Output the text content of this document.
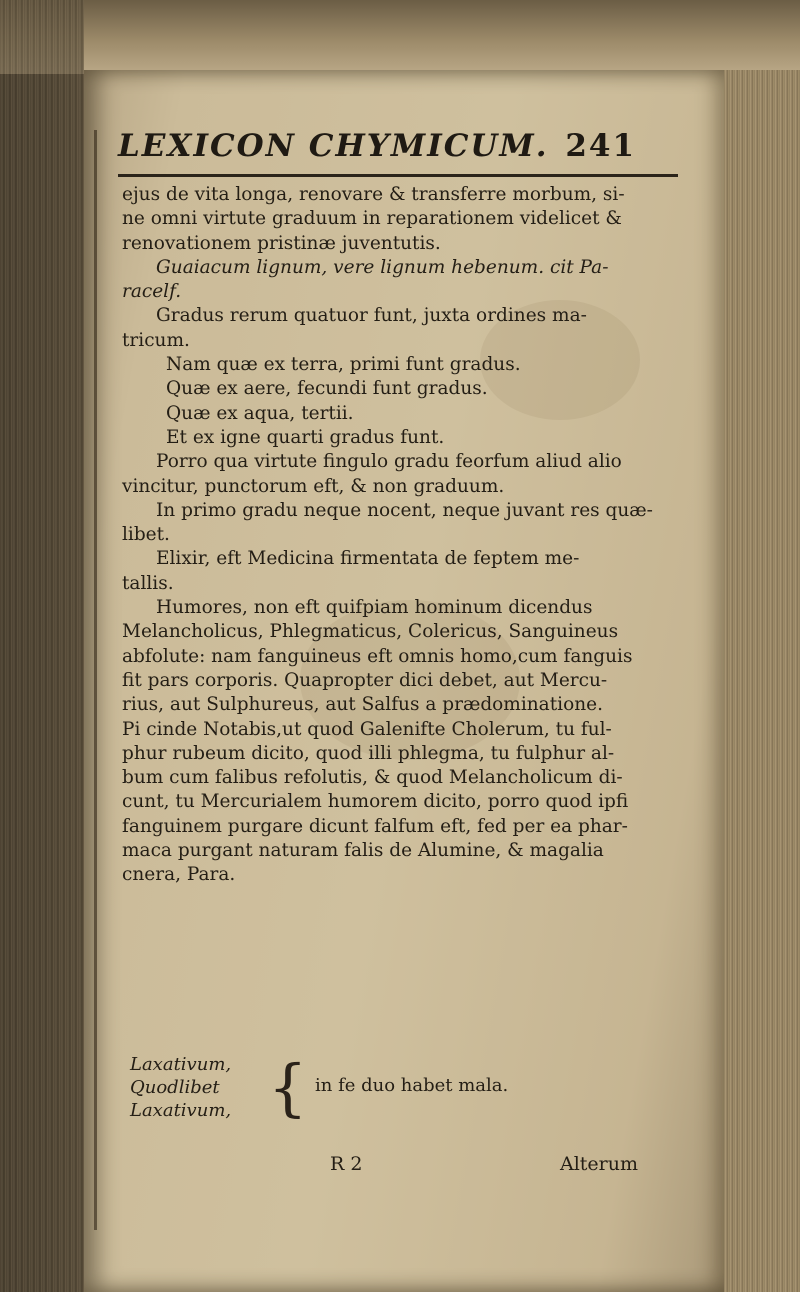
LEXICON CHYMICUM. 241

ejus de vita longa, renovare & transferre morbum, si-

ne omni virtute graduum in reparationem videlicet &

renovationem pristinæ juventutis.

Guaiacum lignum, vere lignum hebenum. cit Pa-

racelf.

Gradus rerum quatuor funt, juxta ordines ma-

tricum.

Nam quæ ex terra, primi funt gradus.

Quæ ex aere, fecundi funt gradus.

Quæ ex aqua, tertii.

Et ex igne quarti gradus funt.

Porro qua virtute fingulo gradu feorfum aliud alio

vincitur, punctorum eft, & non graduum.

In primo gradu neque nocent, neque juvant res quæ-

libet.

Elixir, eft Medicina firmentata de feptem me-

tallis.

Humores, non eft quifpiam hominum dicendus

Melancholicus, Phlegmaticus, Colericus, Sanguineus

abfolute: nam fanguineus eft omnis homo,cum fanguis

fit pars corporis. Quapropter dici debet, aut Mercu-

rius, aut Sulphureus, aut Salfus a prædominatione.

Pi cinde Notabis,ut quod Galenifte Cholerum, tu ful-

phur rubeum dicito, quod illi phlegma, tu fulphur al-

bum cum falibus refolutis, & quod Melancholicum di-

cunt, tu Mercurialem humorem dicito, porro quod ipfi

fanguinem purgare dicunt falfum eft, fed per ea phar-

maca purgant naturam falis de Alumine, & magalia

cnera, Para.

Laxativum,

Quodlibet

Laxativum, { in fe duo habet mala.
R 2	Alterum
